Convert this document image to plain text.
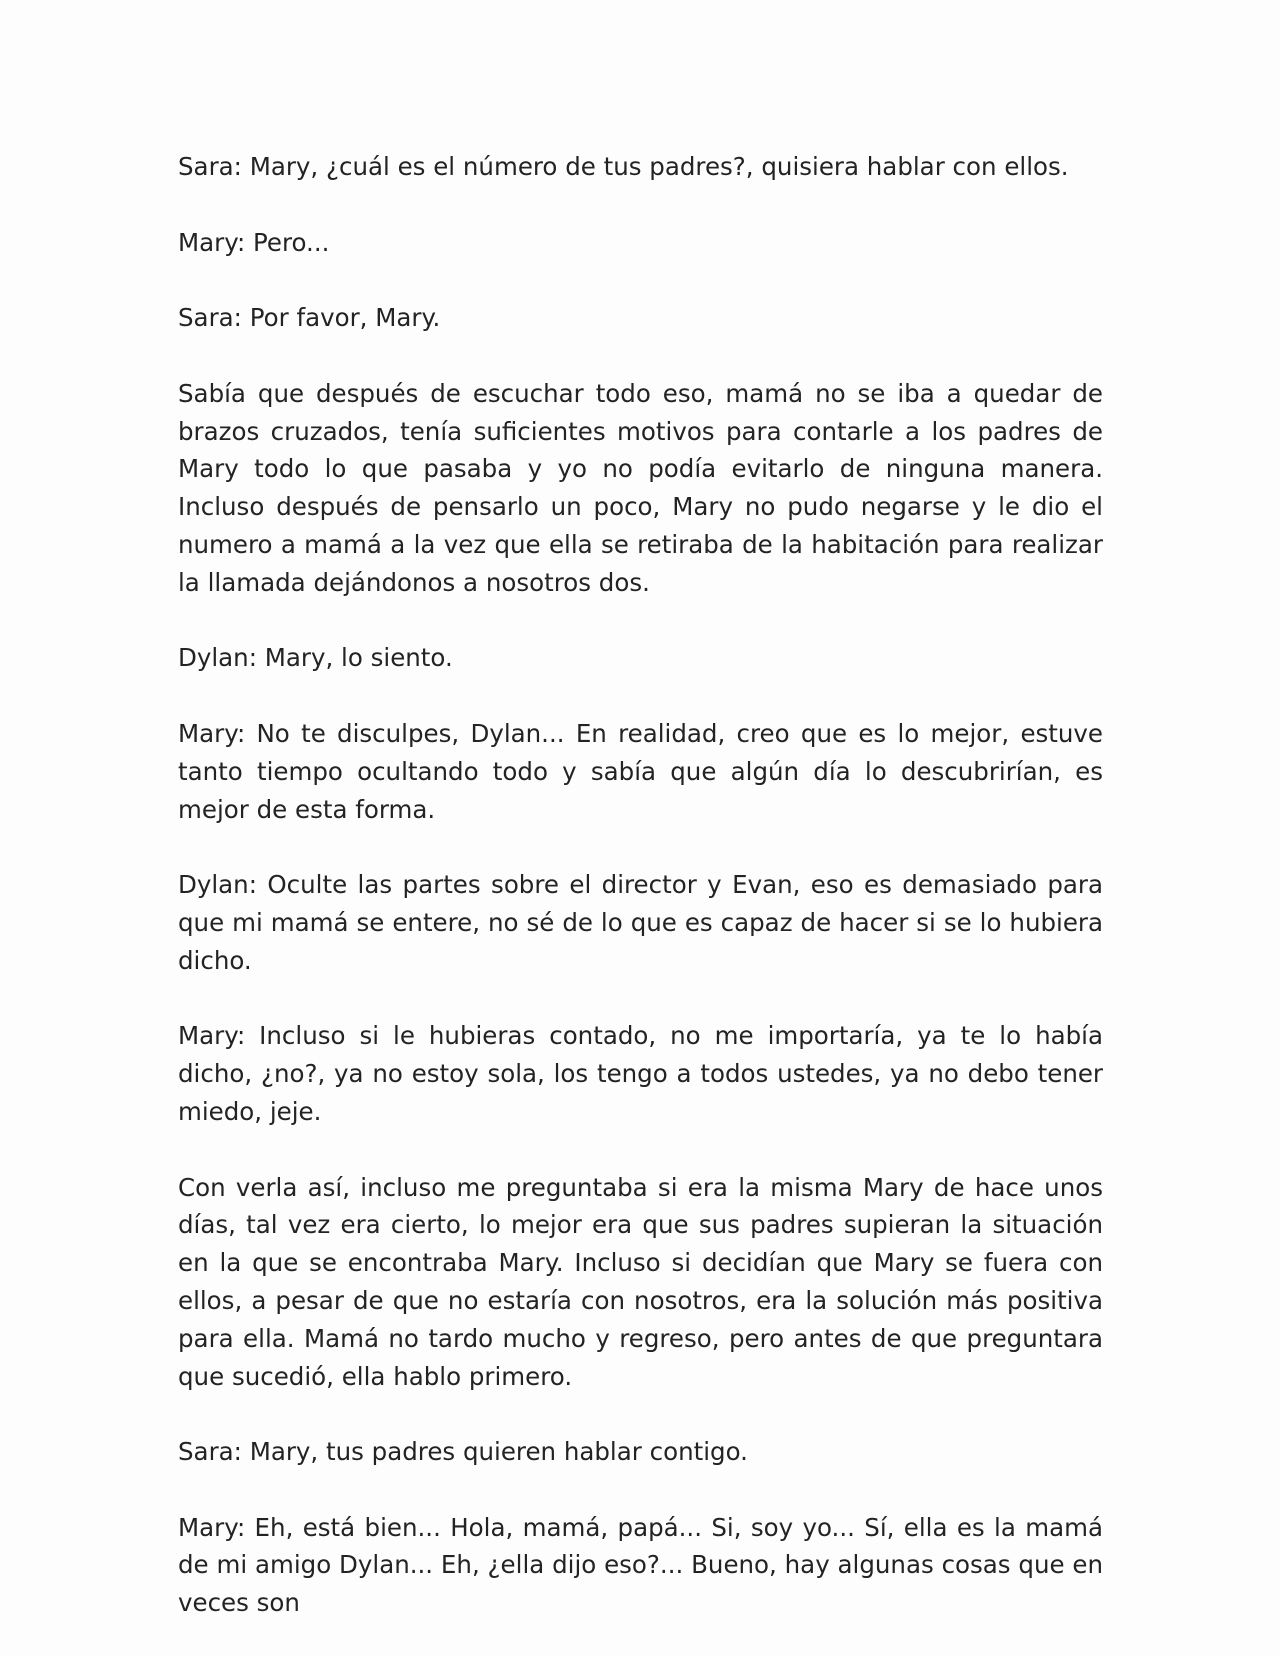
Sara: Mary, ¿cuál es el número de tus padres?, quisiera hablar con ellos.

Mary: Pero...

Sara: Por favor, Mary.

Sabía que después de escuchar todo eso, mamá no se iba a quedar de brazos cruzados, tenía suficientes motivos para contarle a los padres de Mary todo lo que pasaba y yo no podía evitarlo de ninguna manera. Incluso después de pensarlo un poco, Mary no pudo negarse y le dio el numero a mamá a la vez que ella se retiraba de la habitación para realizar la llamada dejándonos a nosotros dos.

Dylan: Mary, lo siento.

Mary: No te disculpes, Dylan... En realidad, creo que es lo mejor, estuve tanto tiempo ocultando todo y sabía que algún día lo descubrirían, es mejor de esta forma.

Dylan: Oculte las partes sobre el director y Evan, eso es demasiado para que mi mamá se entere, no sé de lo que es capaz de hacer si se lo hubiera dicho.

Mary: Incluso si le hubieras contado, no me importaría, ya te lo había dicho, ¿no?, ya no estoy sola, los tengo a todos ustedes, ya no debo tener miedo, jeje.

Con verla así, incluso me preguntaba si era la misma Mary de hace unos días, tal vez era cierto, lo mejor era que sus padres supieran la situación en la que se encontraba Mary. Incluso si decidían que Mary se fuera con ellos, a pesar de que no estaría con nosotros, era la solución más positiva para ella. Mamá no tardo mucho y regreso, pero antes de que preguntara que sucedió, ella hablo primero.

Sara: Mary, tus padres quieren hablar contigo.

Mary: Eh, está bien... Hola, mamá, papá... Si, soy yo... Sí, ella es la mamá de mi amigo Dylan... Eh, ¿ella dijo eso?... Bueno, hay algunas cosas que en veces son
